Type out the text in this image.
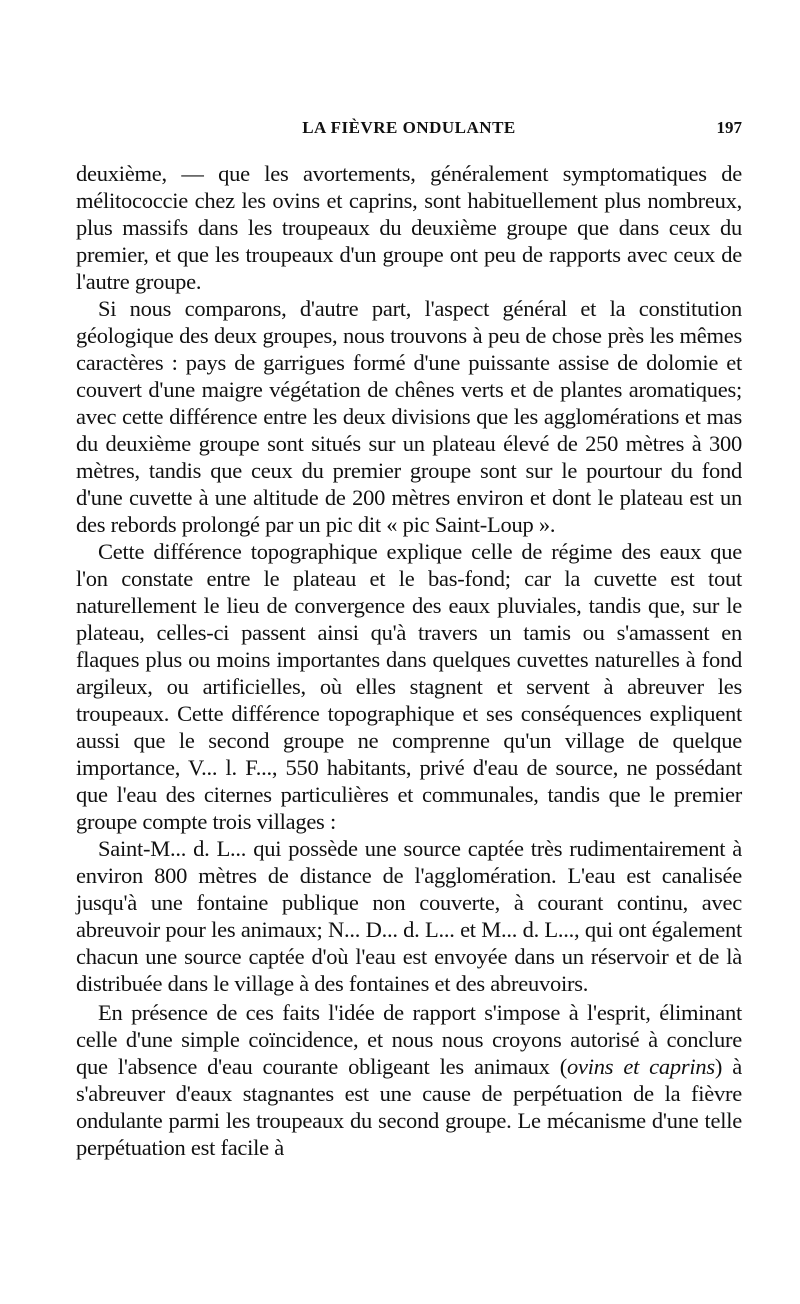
LA FIÈVRE ONDULANTE	197

deuxième, — que les avortements, généralement symptomatiques de mélitococcie chez les ovins et caprins, sont habituellement plus nombreux, plus massifs dans les troupeaux du deuxième groupe que dans ceux du premier, et que les troupeaux d'un groupe ont peu de rapports avec ceux de l'autre groupe.

Si nous comparons, d'autre part, l'aspect général et la constitution géologique des deux groupes, nous trouvons à peu de chose près les mêmes caractères : pays de garrigues formé d'une puissante assise de dolomie et couvert d'une maigre végétation de chênes verts et de plantes aromatiques; avec cette différence entre les deux divisions que les agglomérations et mas du deuxième groupe sont situés sur un plateau élevé de 250 mètres à 300 mètres, tandis que ceux du premier groupe sont sur le pourtour du fond d'une cuvette à une altitude de 200 mètres environ et dont le plateau est un des rebords prolongé par un pic dit « pic Saint-Loup ».

Cette différence topographique explique celle de régime des eaux que l'on constate entre le plateau et le bas-fond; car la cuvette est tout naturellement le lieu de convergence des eaux pluviales, tandis que, sur le plateau, celles-ci passent ainsi qu'à travers un tamis ou s'amassent en flaques plus ou moins importantes dans quelques cuvettes naturelles à fond argileux, ou artificielles, où elles stagnent et servent à abreuver les troupeaux. Cette différence topographique et ses conséquences expliquent aussi que le second groupe ne comprenne qu'un village de quelque importance, V... l. F..., 550 habitants, privé d'eau de source, ne possédant que l'eau des citernes particulières et communales, tandis que le premier groupe compte trois villages :

Saint-M... d. L... qui possède une source captée très rudimentairement à environ 800 mètres de distance de l'agglomération. L'eau est canalisée jusqu'à une fontaine publique non couverte, à courant continu, avec abreuvoir pour les animaux; N... D... d. L... et M... d. L..., qui ont également chacun une source captée d'où l'eau est envoyée dans un réservoir et de là distribuée dans le village à des fontaines et des abreuvoirs.

En présence de ces faits l'idée de rapport s'impose à l'esprit, éliminant celle d'une simple coïncidence, et nous nous croyons autorisé à conclure que l'absence d'eau courante obligeant les animaux (ovins et caprins) à s'abreuver d'eaux stagnantes est une cause de perpétuation de la fièvre ondulante parmi les troupeaux du second groupe. Le mécanisme d'une telle perpétuation est facile à
